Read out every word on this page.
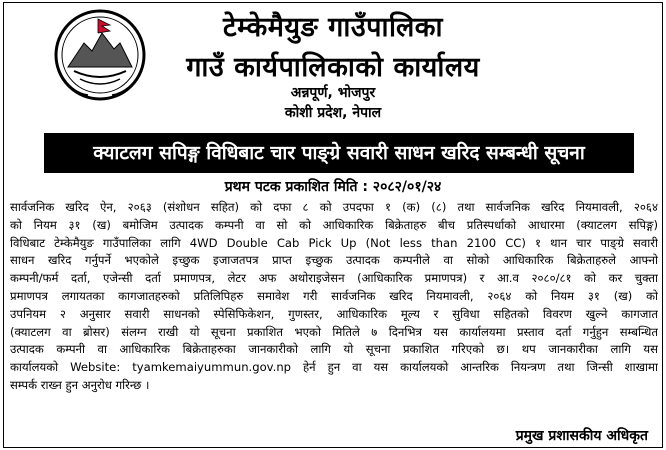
टेम्केमैयुङ गाउँपालिका
गाउँ कार्यपालिकाको कार्यालय
अन्नपूर्ण, भोजपुर
कोशी प्रदेश, नेपाल
क्याटलग सपिङ्ग विधिबाट चार पाङ्ग्रे सवारी साधन खरिद सम्बन्धी सूचना
प्रथम पटक प्रकाशित मिति : २०८२/०१/२४
सार्वजनिक खरिद ऐन, २०६३ (संशोधन सहित) को दफा ८ को उपदफा १ (क) (८) तथा सार्वजनिक खरिद नियमावली, २०६४
को नियम ३१ (ख) बमोजिम उत्पादक कम्पनी वा सो को आधिकारिक बिक्रेताहरु बीच प्रतिस्पर्धाको आधारमा (क्याटलग सपिङ्ग)
विधिबाट टेम्केमैयुङ गाउँपालिका लागि 4WD Double Cab Pick Up (Not less than 2100 CC) १ थान चार पाङ्ग्रे सवारी
साधन खरिद गर्नुपर्ने भएकोले इच्छुक इजाजतपत्र प्राप्त इच्छुक उत्पादक कम्पनीले वा सोको आधिकारिक बिक्रेताहरुले आफ्नो
कम्पनी/फर्म दर्ता, एजेन्सी दर्ता प्रमाणपत्र, लेटर अफ अथोराइजेसन (आधिकारिक प्रमाणपत्र) र आ.व २०८०/८१ को कर चुक्ता
प्रमाणपत्र लगायतका कागजातहरुको प्रतिलिपिहरु समावेश गरी सार्वजनिक खरिद नियमावली, २०६४ को नियम ३१ (ख) को
उपनियम २ अनुसार सवारी साधनको स्पेसिफिकेशन, गुणस्तर, आधिकारिक मूल्य र सुविधा सहितको विवरण खुल्ने कागजात
(क्याटलग वा ब्रोसर) संलग्न राखी यो सूचना प्रकाशित भएको मितिले ७ दिनभित्र यस कार्यालयमा प्रस्ताव दर्ता गर्नुहुन सम्बन्धित
उत्पादक कम्पनी वा आधिकारिक बिक्रेताहरुका जानकारीको लागि यो सूचना प्रकाशित गरिएको छ। थप जानकारीका लागि यस
कार्यालयको Website: tyamkemaiyummun.gov.np हेर्न हुन वा यस कार्यालयको आन्तरिक नियन्त्रण तथा जिन्सी शाखामा
सम्पर्क राख्न हुन अनुरोध गरिन्छ ।
प्रमुख प्रशासकीय अधिकृत
